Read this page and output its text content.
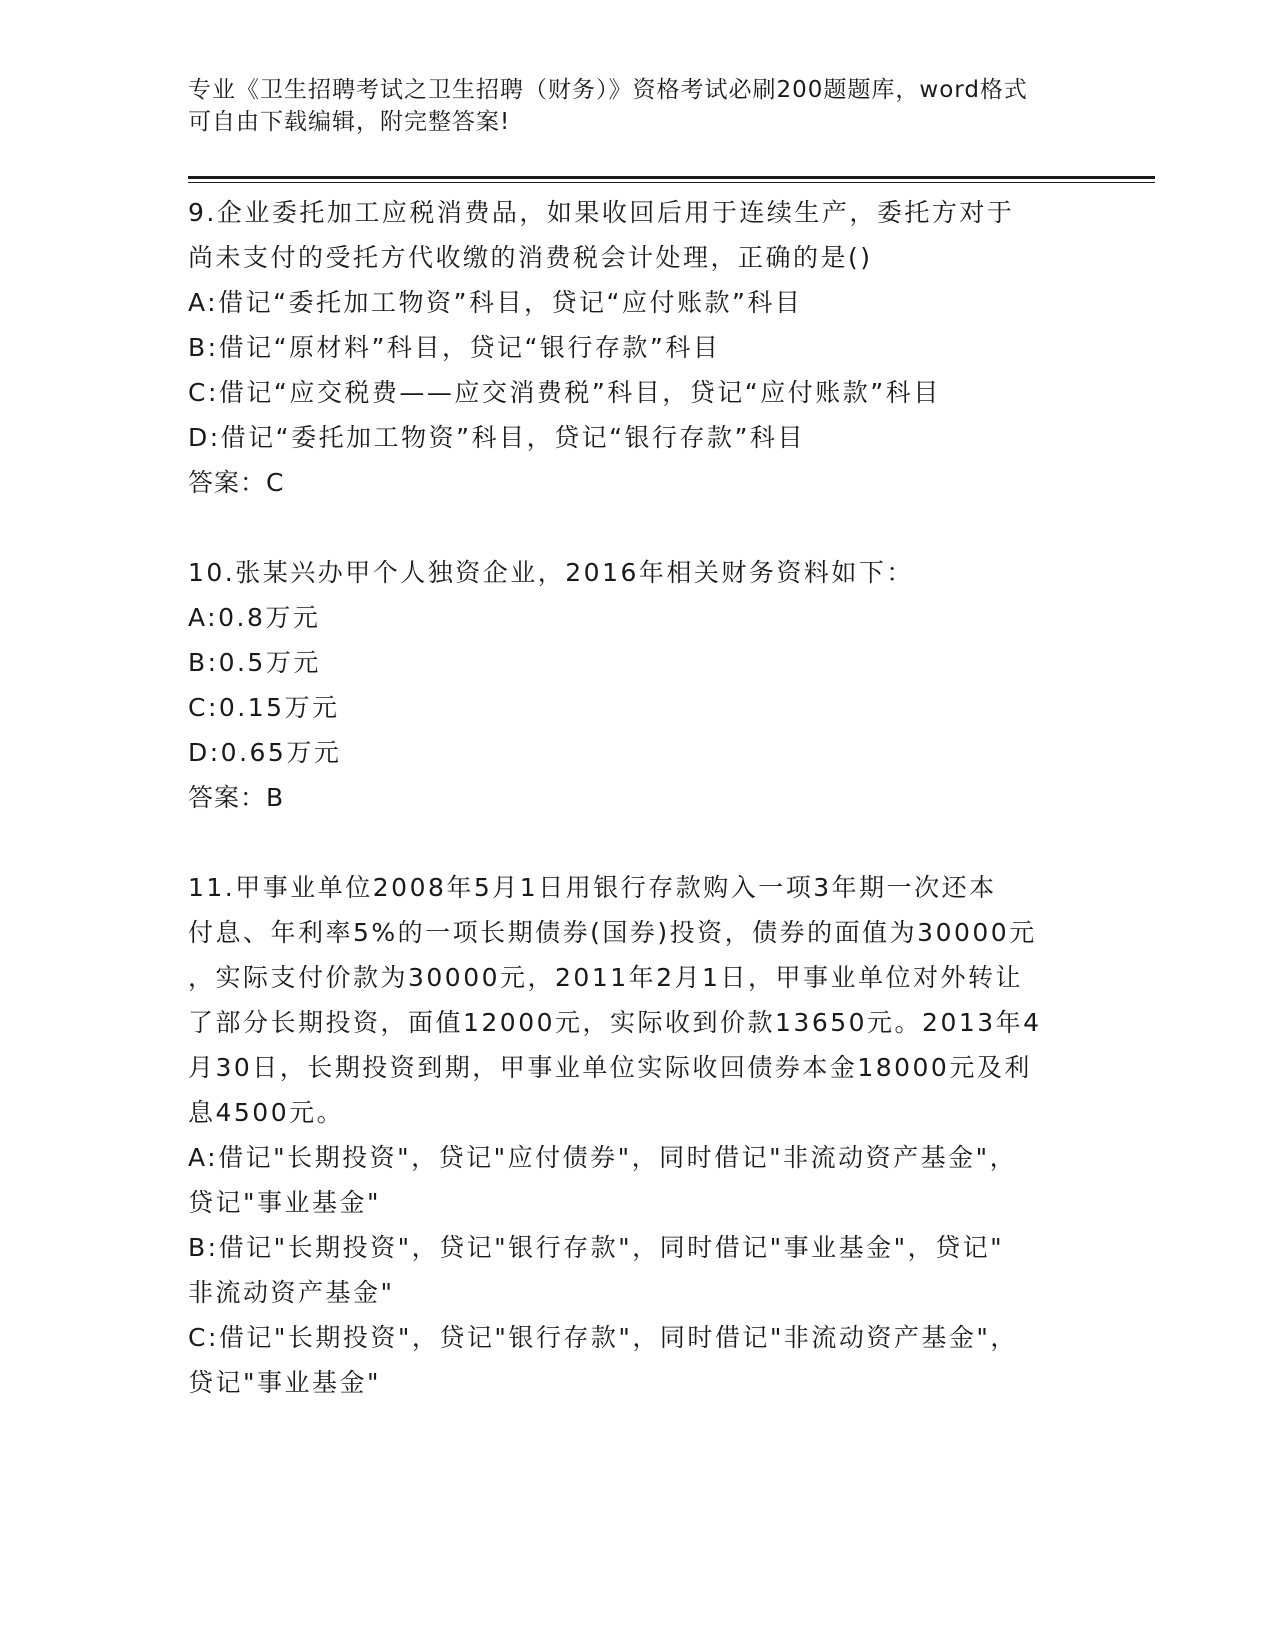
专业《卫生招聘考试之卫生招聘（财务）》资格考试必刷200题题库，word格式
可自由下载编辑，附完整答案!
9.企业委托加工应税消费品，如果收回后用于连续生产，委托方对于
尚未支付的受托方代收缴的消费税会计处理，正确的是()
A:借记“委托加工物资”科目，贷记“应付账款”科目
B:借记“原材料”科目，贷记“银行存款”科目
C:借记“应交税费——应交消费税”科目，贷记“应付账款”科目
D:借记“委托加工物资”科目，贷记“银行存款”科目
答案：C
10.张某兴办甲个人独资企业，2016年相关财务资料如下：
A:0.8万元
B:0.5万元
C:0.15万元
D:0.65万元
答案：B
11.甲事业单位2008年5月1日用银行存款购入一项3年期一次还本
付息、年利率5%的一项长期债券(国券)投资，债券的面值为30000元
，实际支付价款为30000元，2011年2月1日，甲事业单位对外转让
了部分长期投资，面值12000元，实际收到价款13650元。2013年4
月30日，长期投资到期，甲事业单位实际收回债券本金18000元及利
息4500元。
A:借记"长期投资"，贷记"应付债券"，同时借记"非流动资产基金"，
贷记"事业基金"
B:借记"长期投资"，贷记"银行存款"，同时借记"事业基金"，贷记"
非流动资产基金"
C:借记"长期投资"，贷记"银行存款"，同时借记"非流动资产基金"，
贷记"事业基金"
